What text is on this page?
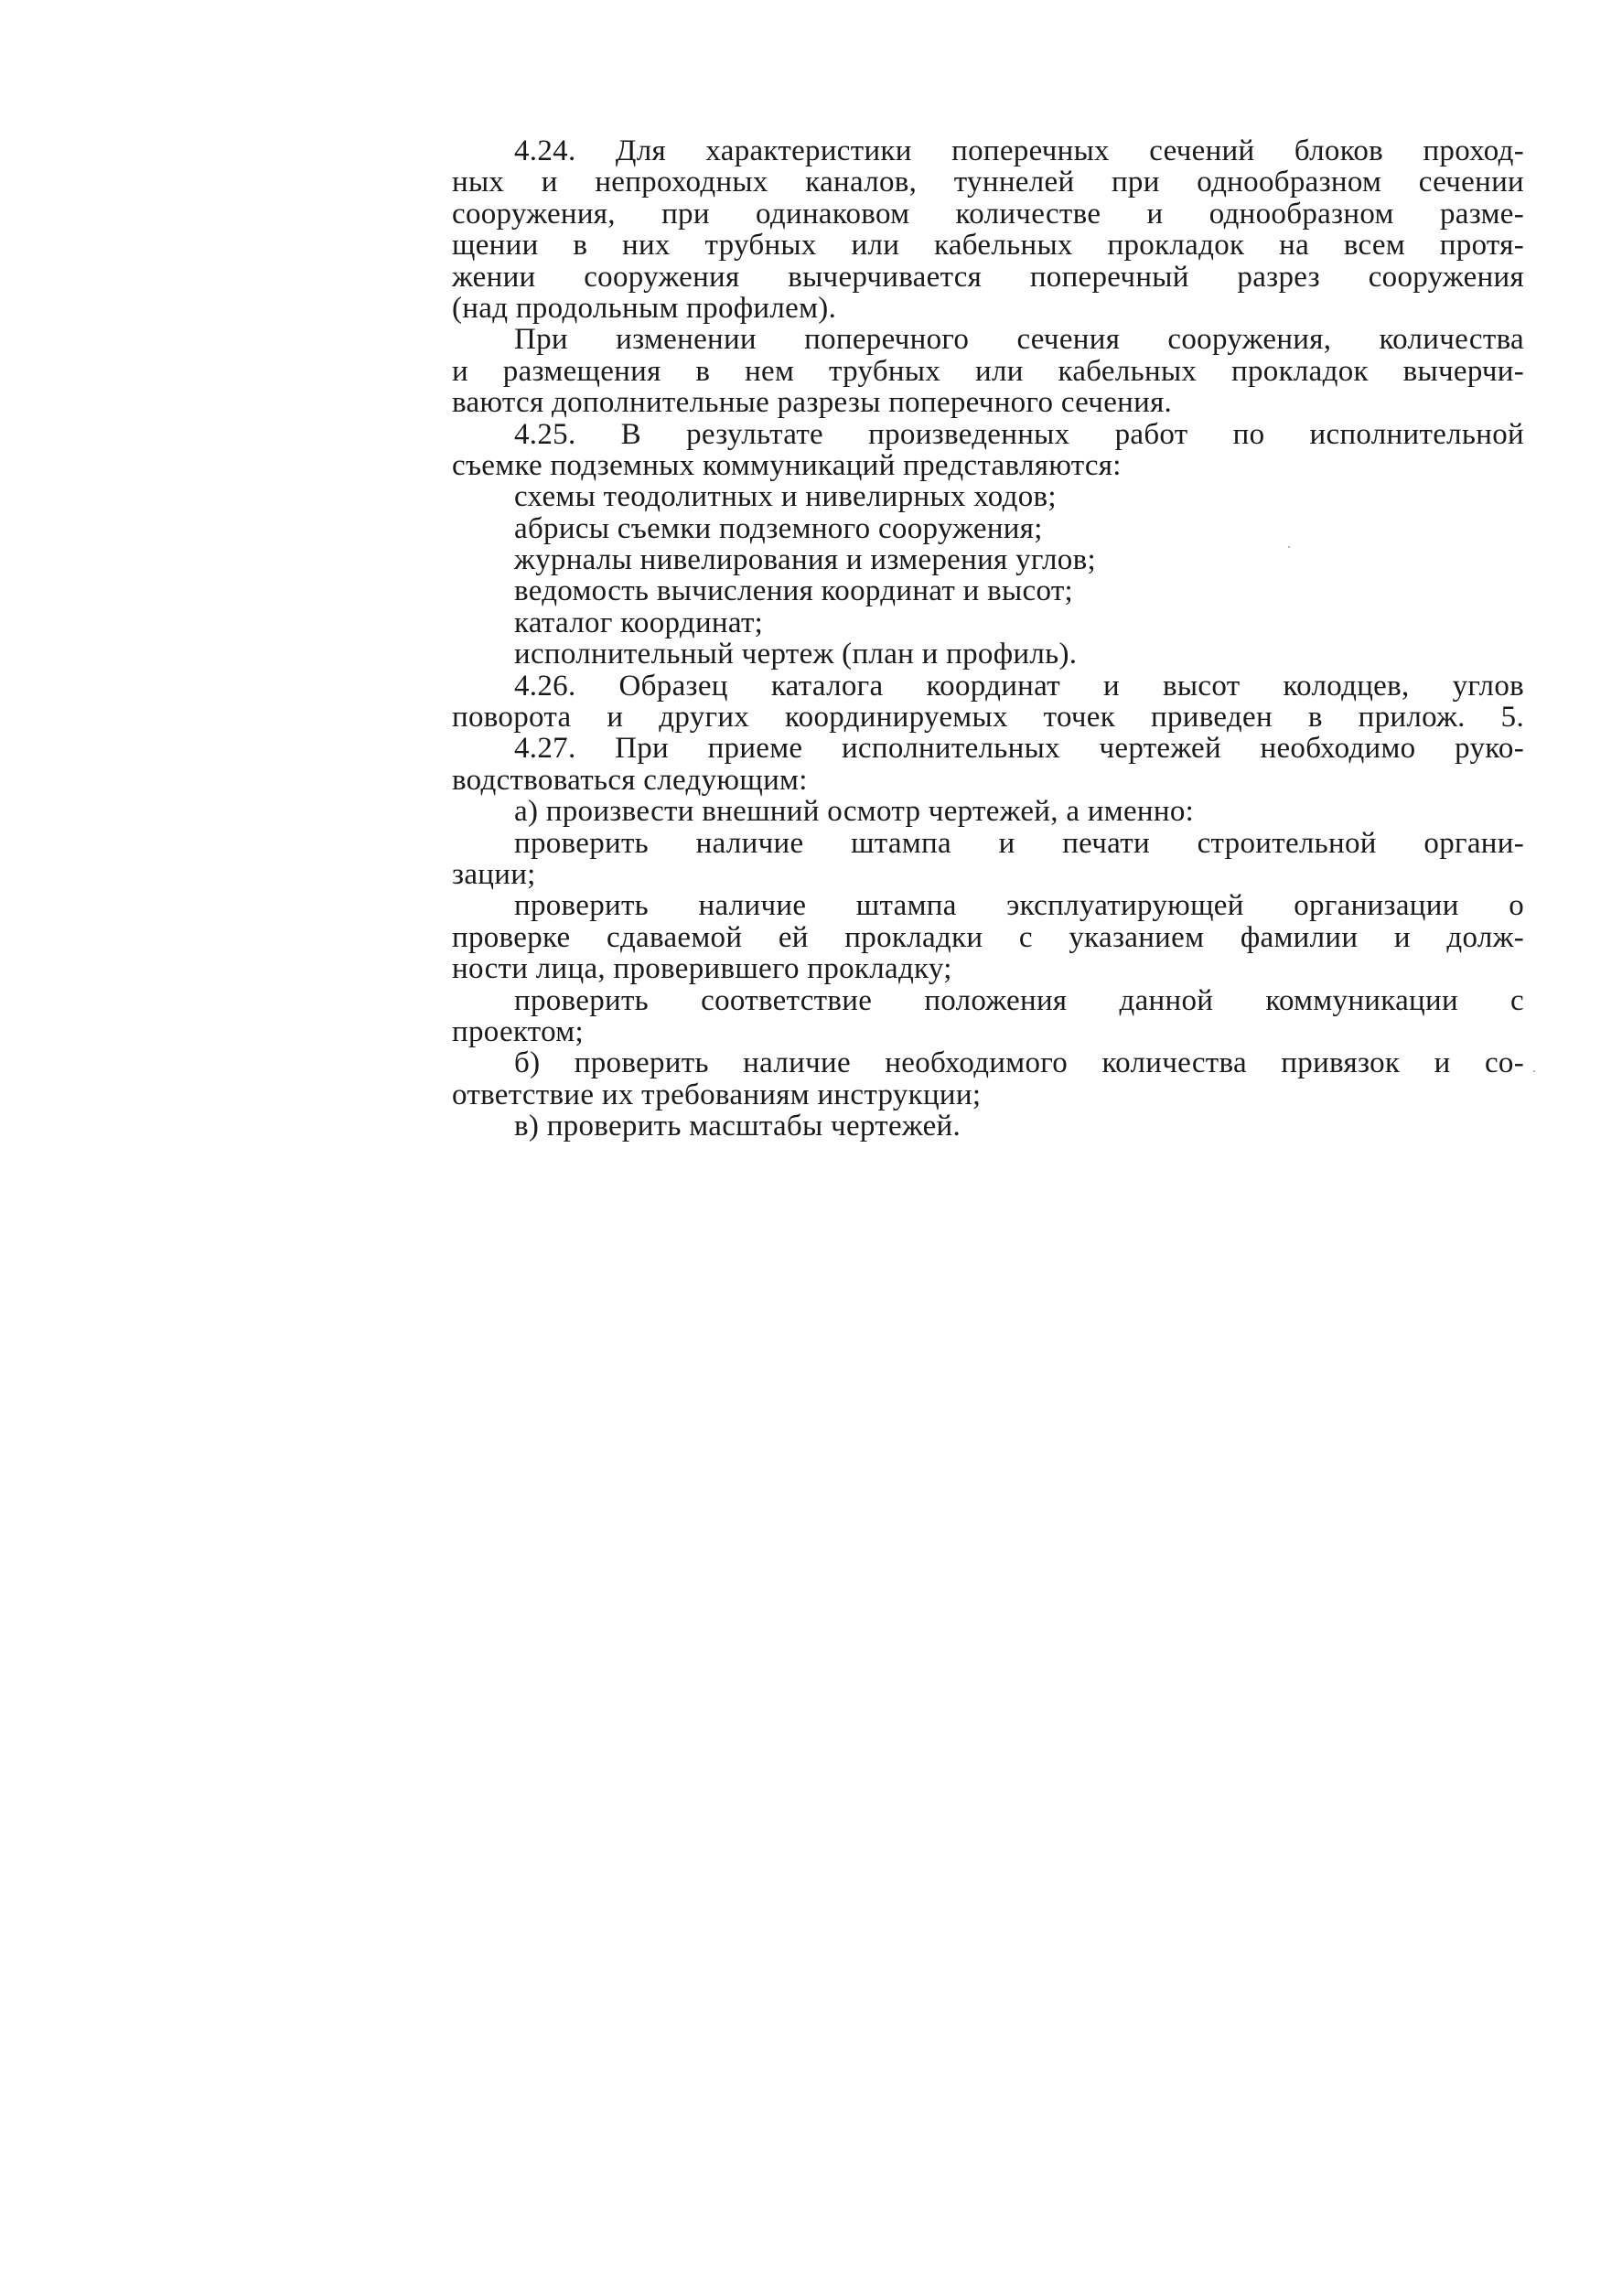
4.24. Для характеристики поперечных сечений блоков проход-
ных и непроходных каналов, туннелей при однообразном сечении
сооружения, при одинаковом количестве и однообразном разме-
щении в них трубных или кабельных прокладок на всем протя-
жении сооружения вычерчивается поперечный разрез сооружения
(над продольным профилем).
При изменении поперечного сечения сооружения, количества
и размещения в нем трубных или кабельных прокладок вычерчи-
ваются дополнительные разрезы поперечного сечения.
4.25. В результате произведенных работ по исполнительной
съемке подземных коммуникаций представляются:
схемы теодолитных и нивелирных ходов;
абрисы съемки подземного сооружения;
журналы нивелирования и измерения углов;
ведомость вычисления координат и высот;
каталог координат;
исполнительный чертеж (план и профиль).
4.26. Образец каталога координат и высот колодцев, углов
поворота и других координируемых точек приведен в прилож. 5.
4.27. При приеме исполнительных чертежей необходимо руко-
водствоваться следующим:
а) произвести внешний осмотр чертежей, а именно:
проверить наличие штампа и печати строительной органи-
зации;
проверить наличие штампа эксплуатирующей организации о
проверке сдаваемой ей прокладки с указанием фамилии и долж-
ности лица, проверившего прокладку;
проверить соответствие положения данной коммуникации с
проектом;
б) проверить наличие необходимого количества привязок и со-
ответствие их требованиям инструкции;
в) проверить масштабы чертежей.
